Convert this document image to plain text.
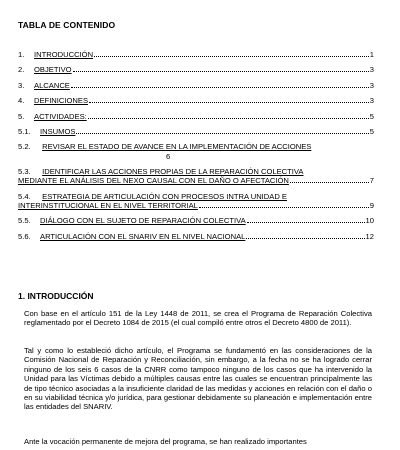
TABLA DE CONTENIDO
1.	INTRODUCCIÓN	1
2.	OBJETIVO	3
3.	ALCANCE	3
4.	DEFINICIONES	3
5.	ACTIVIDADES:	5
5.1.	INSUMOS	5
5.2. REVISAR EL ESTADO DE AVANCE EN LA IMPLEMENTACIÓN DE ACCIONES
6
5.3. IDENTIFICAR LAS ACCIONES PROPIAS DE LA REPARACIÓN COLECTIVA
MEDIANTE EL ANÁLISIS DEL NEXO CAUSAL CON EL DAÑO O AFECTACIÓN	7
5.4. ESTRATEGIA DE ARTICULACIÓN CON PROCESOS INTRA UNIDAD E
INTERINSTITUCIONAL EN EL NIVEL TERRITORIAL	9
5.5.	DIÁLOGO CON EL SUJETO DE REPARACIÓN COLECTIVA	10
5.6.	ARTICULACIÓN CON EL SNARIV EN EL NIVEL NACIONAL	12
1. INTRODUCCIÓN

Con base en el artículo 151 de la Ley 1448 de 2011, se crea el Programa de Reparación Colectiva reglamentado por el Decreto 1084 de 2015 (el cual compiló entre otros el Decreto 4800 de 2011).

Tal y como lo estableció dicho artículo, el Programa se fundamentó en las consideraciones de la Comisión Nacional de Reparación y Reconciliación, sin embargo, a la fecha no se ha logrado cerrar ninguno de los seis 6 casos de la CNRR como tampoco ninguno de los casos que ha intervenido la Unidad para las Víctimas debido a múltiples causas entre las cuales se encuentran principalmente las de tipo técnico asociadas a la insuficiente claridad de las medidas y acciones en relación con el daño o en su viabilidad técnica y/o jurídica, para gestionar debidamente su planeación e implementación entre las entidades del SNARIV.

Ante la vocación permanente de mejora del programa, se han realizado importantes
